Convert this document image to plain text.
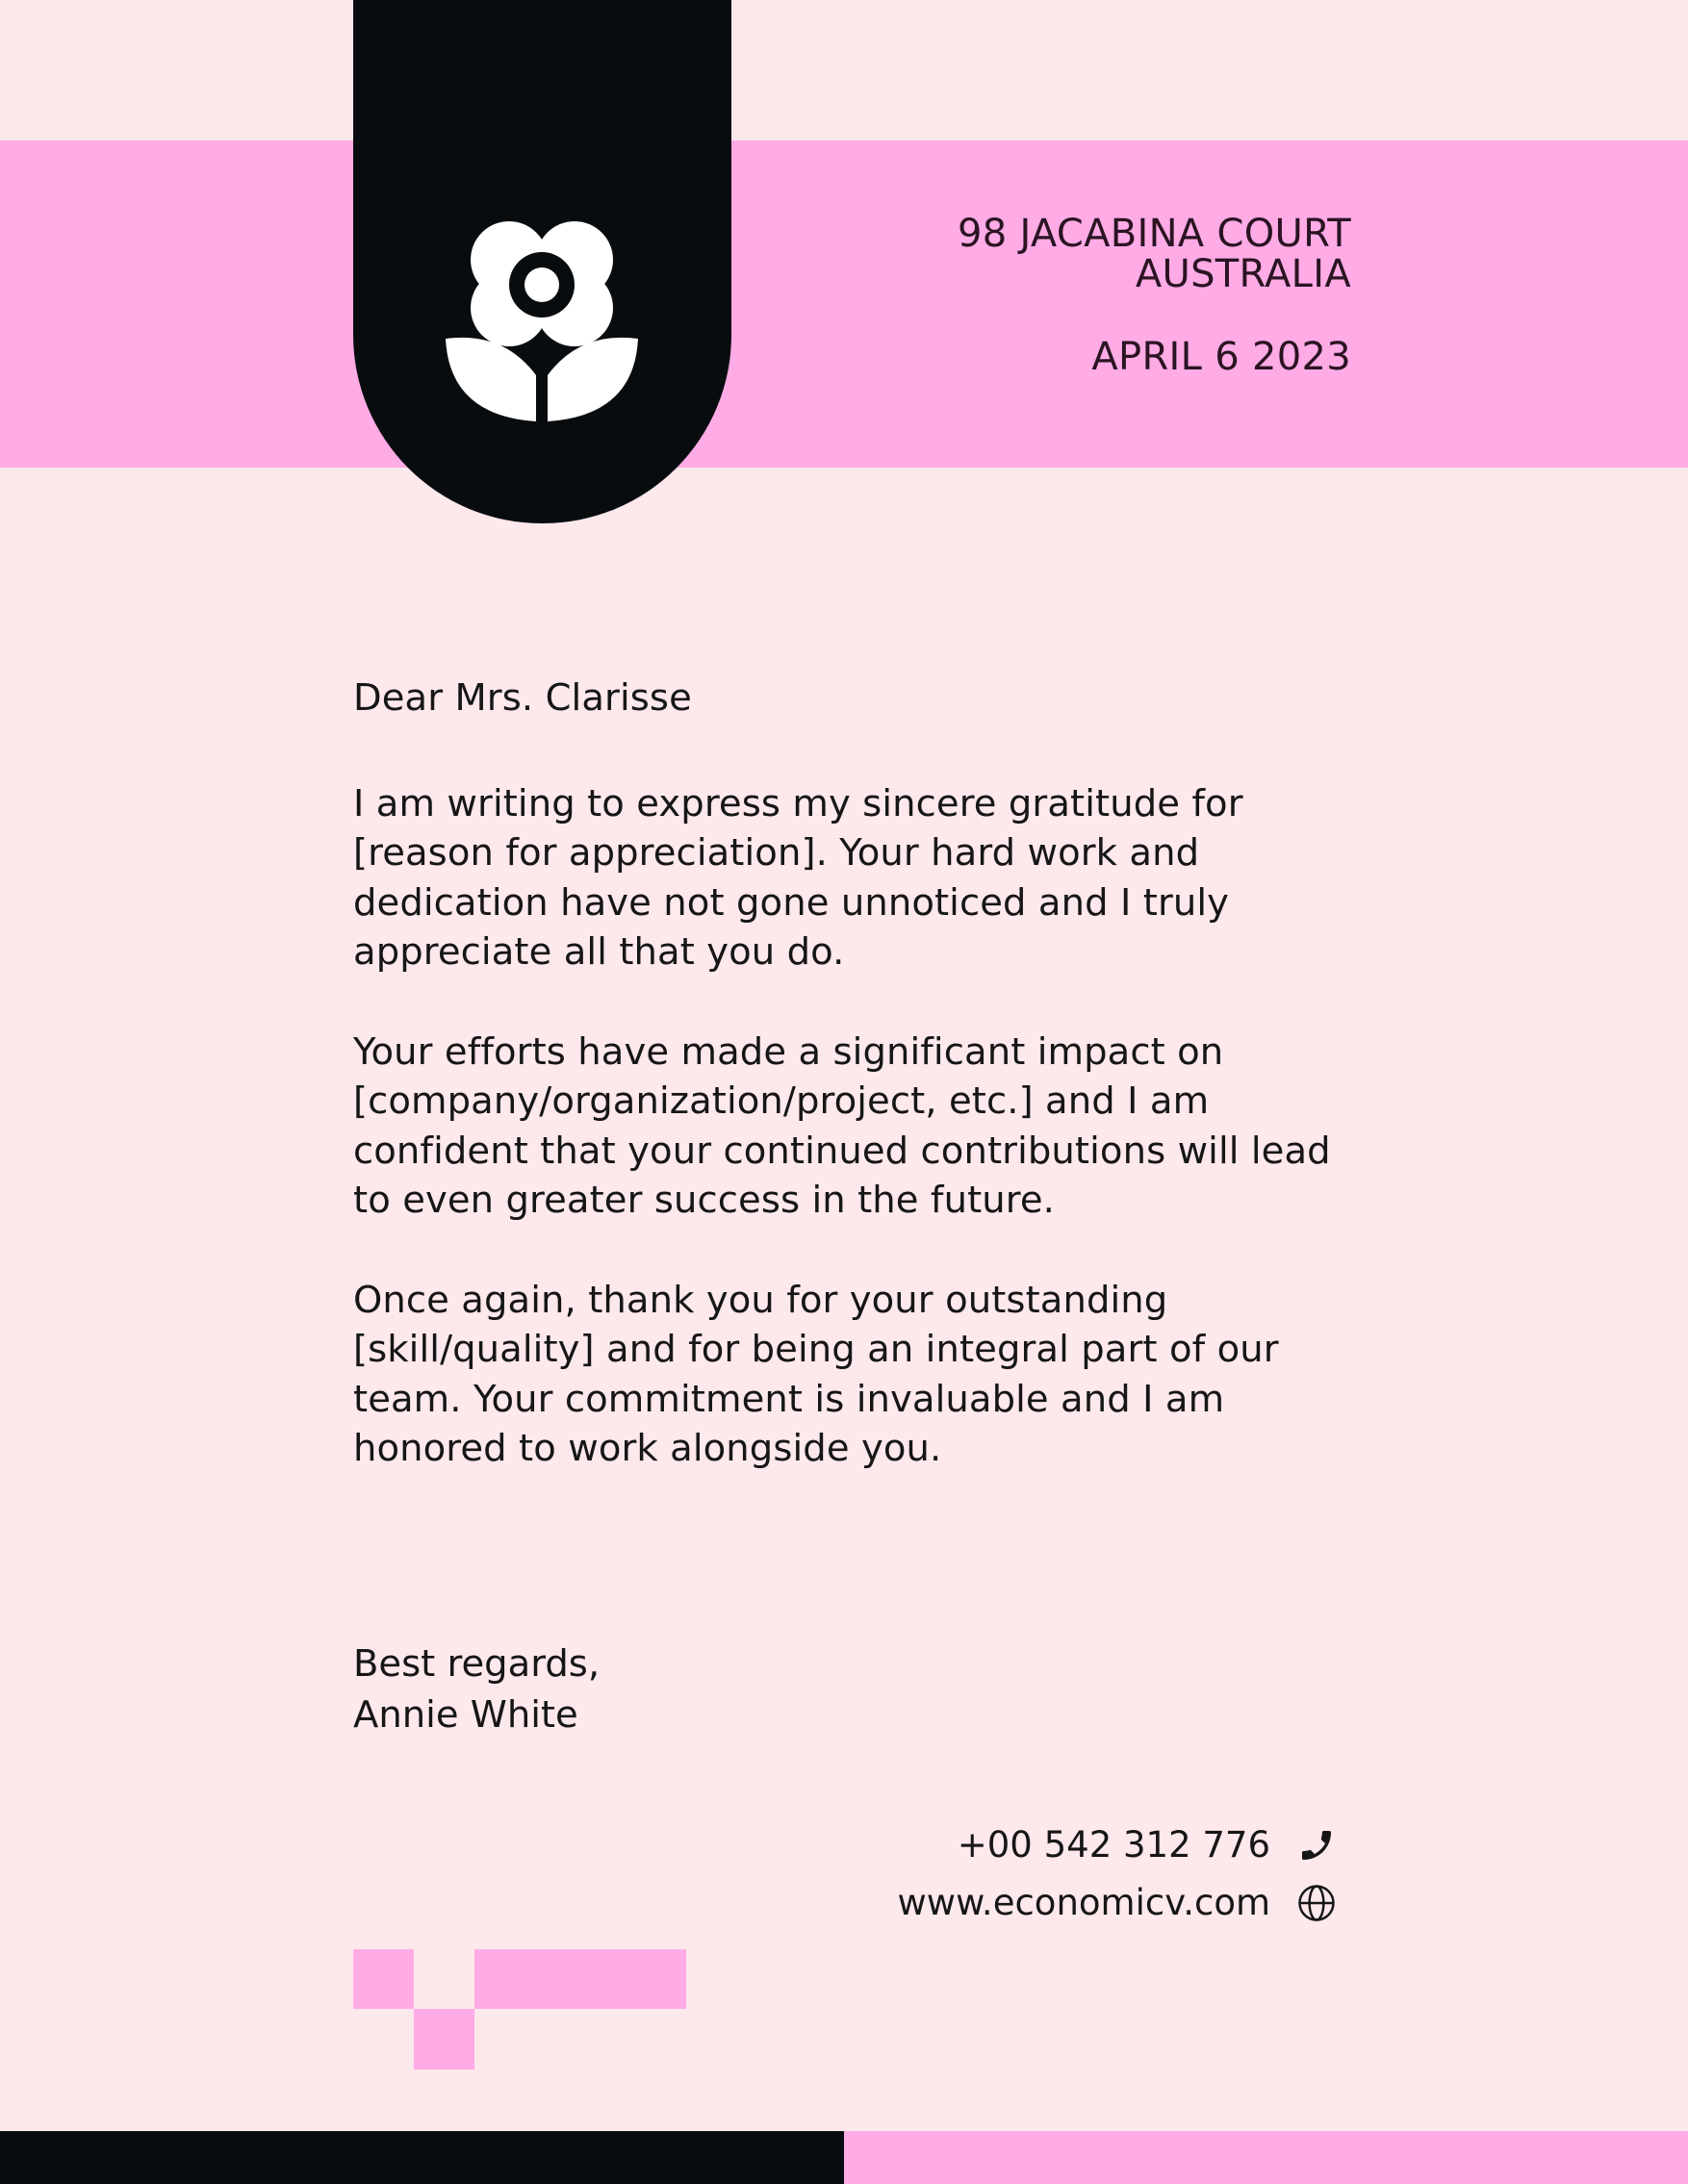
98 JACABINA COURT
AUSTRALIA
APRIL 6 2023

Dear Mrs. Clarisse

I am writing to express my sincere gratitude for [reason for appreciation]. Your hard work and dedication have not gone unnoticed and I truly appreciate all that you do.

Your efforts have made a significant impact on [company/organization/project, etc.] and I am confident that your continued contributions will lead to even greater success in the future.

Once again, thank you for your outstanding [skill/quality] and for being an integral part of our team. Your commitment is invaluable and I am honored to work alongside you.

Best regards,
Annie White
+00 542 312 776
www.economicv.com
